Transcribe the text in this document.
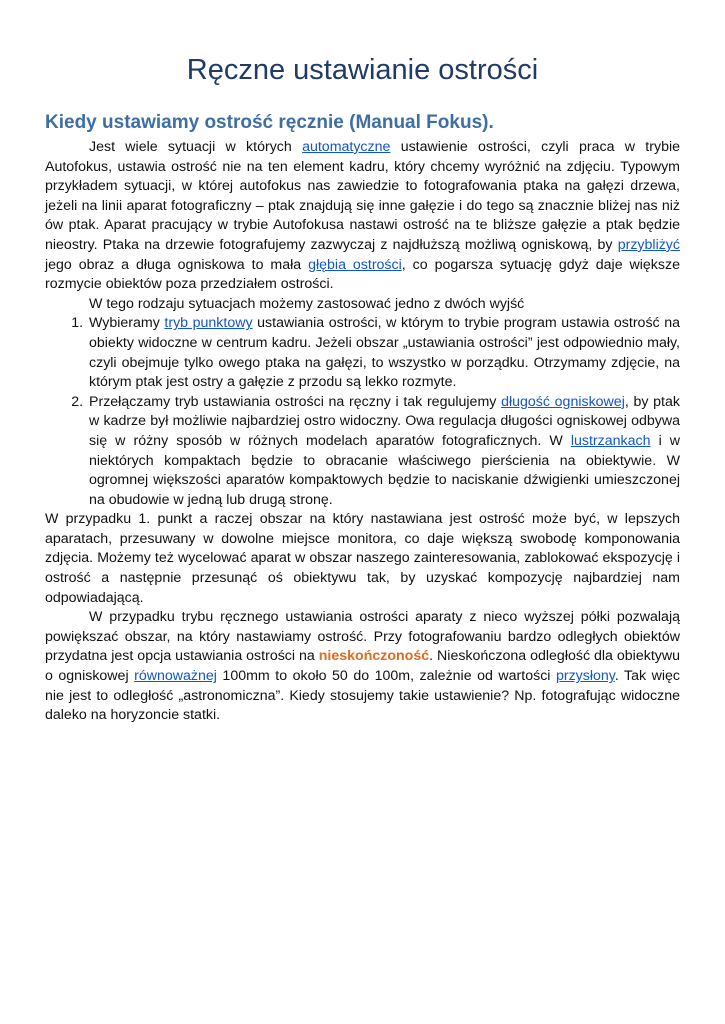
Ręczne ustawianie ostrości
Kiedy ustawiamy ostrość ręcznie (Manual Fokus).

Jest wiele sytuacji w których automatyczne ustawienie ostrości, czyli praca w trybie Autofokus, ustawia ostrość nie na ten element kadru, który chcemy wyróżnić na zdjęciu. Typowym przykładem sytuacji, w której autofokus nas zawiedzie to fotografowania ptaka na gałęzi drzewa, jeżeli na linii aparat fotograficzny – ptak znajdują się inne gałęzie i do tego są znacznie bliżej nas niż ów ptak. Aparat pracujący w trybie Autofokusa nastawi ostrość na te bliższe gałęzie a ptak będzie nieostry. Ptaka na drzewie fotografujemy zazwyczaj z najdłuższą możliwą ogniskową, by przybliżyć jego obraz a długa ogniskowa to mała głębia ostrości, co pogarsza sytuację gdyż daje większe rozmycie obiektów poza przedziałem ostrości.

W tego rodzaju sytuacjach możemy zastosować jedno z dwóch wyjść

1. Wybieramy tryb punktowy ustawiania ostrości, w którym to trybie program ustawia ostrość na obiekty widoczne w centrum kadru. Jeżeli obszar „ustawiania ostrości” jest odpowiednio mały, czyli obejmuje tylko owego ptaka na gałęzi, to wszystko w porządku. Otrzymamy zdjęcie, na którym ptak jest ostry a gałęzie z przodu są lekko rozmyte.
2. Przełączamy tryb ustawiania ostrości na ręczny i tak regulujemy długość ogniskowej, by ptak w kadrze był możliwie najbardziej ostro widoczny. Owa regulacja długości ogniskowej odbywa się w różny sposób w różnych modelach aparatów fotograficznych. W lustrzankach i w niektórych kompaktach będzie to obracanie właściwego pierścienia na obiektywie. W ogromnej większości aparatów kompaktowych będzie to naciskanie dźwigienki umieszczonej na obudowie w jedną lub drugą stronę.

W przypadku 1. punkt a raczej obszar na który nastawiana jest ostrość może być, w lepszych aparatach, przesuwany w dowolne miejsce monitora, co daje większą swobodę komponowania zdjęcia. Możemy też wycelować aparat w obszar naszego zainteresowania, zablokować ekspozycję i ostrość a następnie przesunąć oś obiektywu tak, by uzyskać kompozycję najbardziej nam odpowiadającą.

W przypadku trybu ręcznego ustawiania ostrości aparaty z nieco wyższej półki pozwalają powiększać obszar, na który nastawiamy ostrość. Przy fotografowaniu bardzo odległych obiektów przydatna jest opcja ustawiania ostrości na nieskończoność. Nieskończona odległość dla obiektywu o ogniskowej równoważnej 100mm to około 50 do 100m, zależnie od wartości przysłony. Tak więc nie jest to odległość „astronomiczna”. Kiedy stosujemy takie ustawienie? Np. fotografując widoczne daleko na horyzoncie statki.
